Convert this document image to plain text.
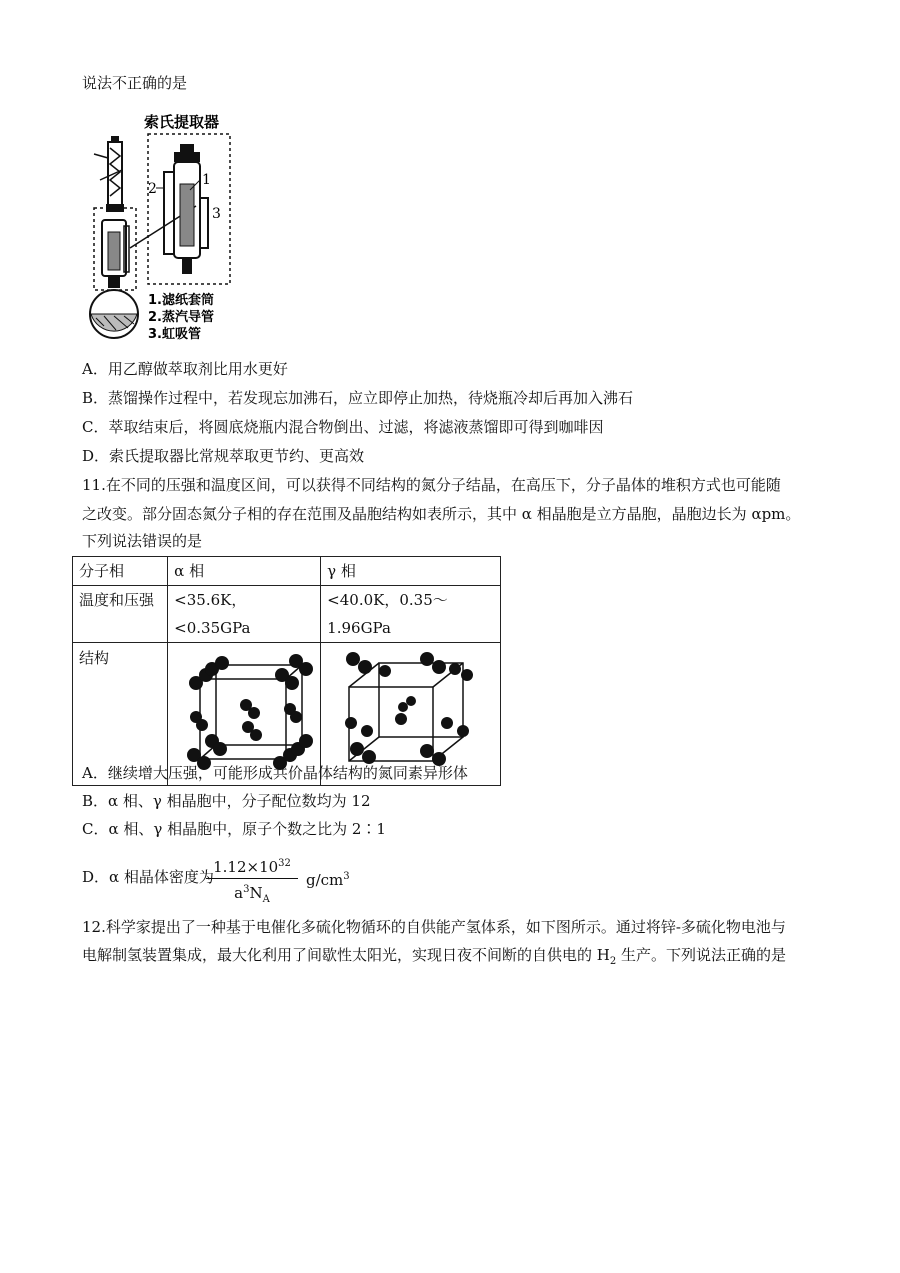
说法不正确的是
索氏提取器
2
1
3
1.滤纸套筒
2.蒸汽导管
3.虹吸管
A．用乙醇做萃取剂比用水更好
B．蒸馏操作过程中，若发现忘加沸石，应立即停止加热，待烧瓶冷却后再加入沸石
C．萃取结束后，将圆底烧瓶内混合物倒出、过滤，将滤液蒸馏即可得到咖啡因
D．索氏提取器比常规萃取更节约、更高效
11.在不同的压强和温度区间，可以获得不同结构的氮分子结晶，在高压下，分子晶体的堆积方式也可能随
之改变。部分固态氮分子相的存在范围及晶胞结构如表所示，其中 α 相晶胞是立方晶胞，晶胞边长为 αpm。
下列说法错误的是
分子相	α 相	γ 相
温度和压强	<35.6K，<0.35GPa	<40.0K，0.35～1.96GPa
结构		
A．继续增大压强，可能形成共价晶体结构的氮同素异形体
B．α 相、γ 相晶胞中，分子配位数均为 12
C．α 相、γ 相晶胞中，原子个数之比为 2∶1
D．α 相晶体密度为
$1.12\times 10^{32}$
$a^3N_A$
$g/cm^3$
12.科学家提出了一种基于电催化多硫化物循环的自供能产氢体系，如下图所示。通过将锌-多硫化物电池与
电解制氢装置集成，最大化利用了间歇性太阳光，实现日夜不间断的自供电的 $H_2$ 生产。下列说法正确的是
